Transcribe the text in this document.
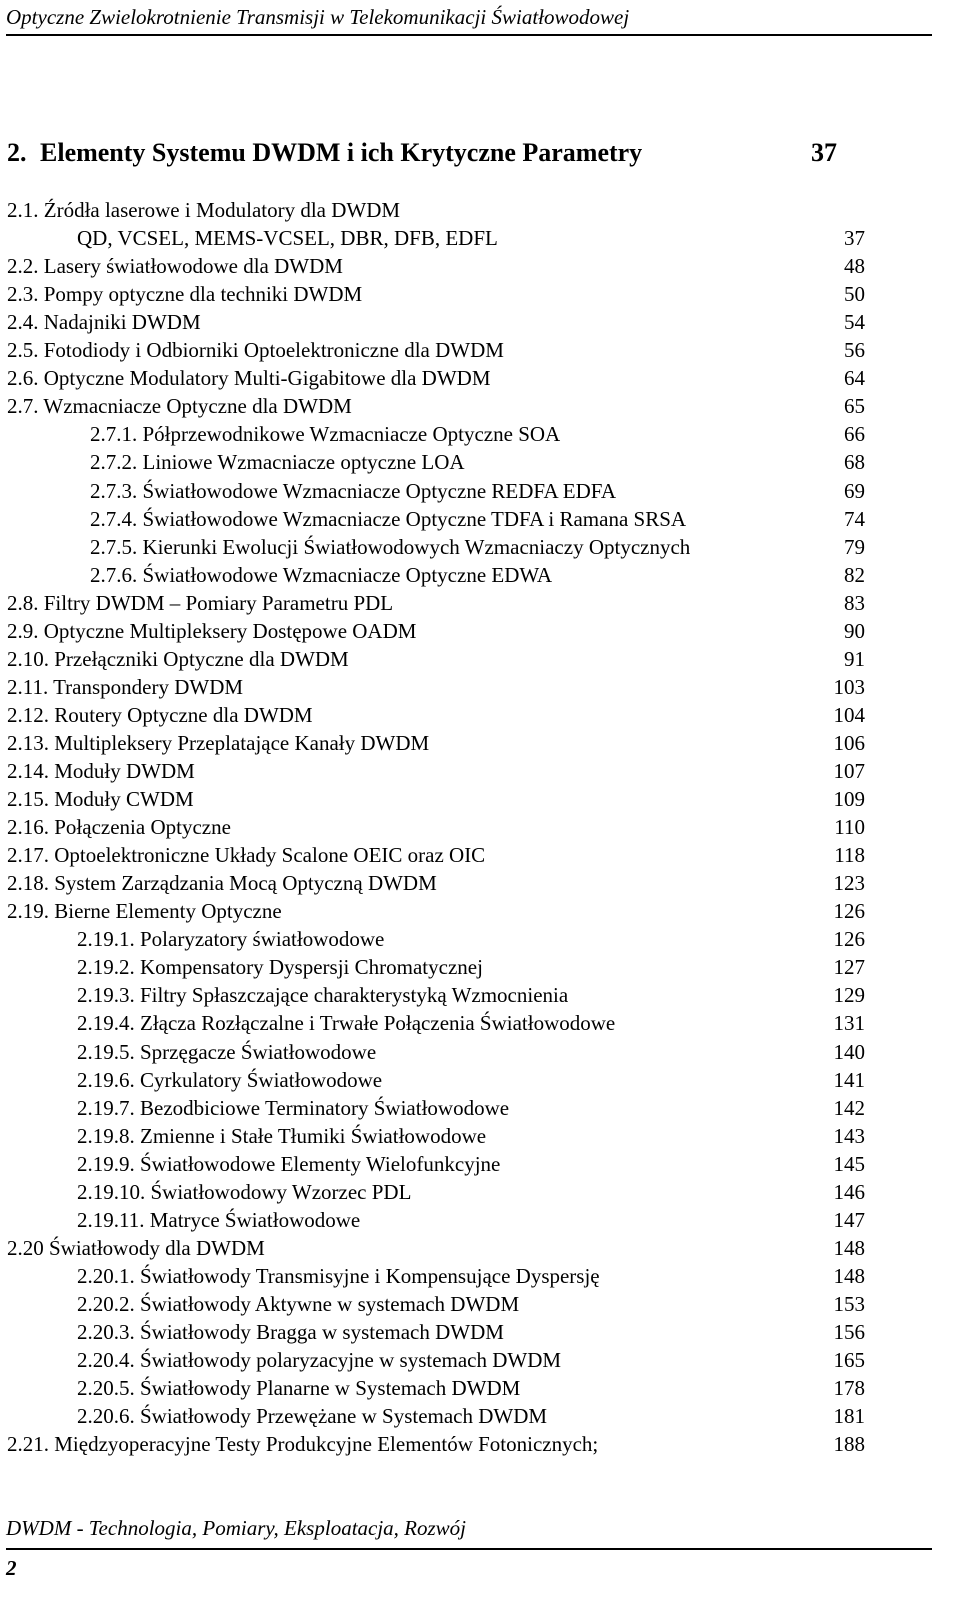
Optyczne Zwielokrotnienie Transmisji w Telekomunikacji Światłowodowej
2. Elementy Systemu DWDM i ich Krytyczne Parametry	37
2.1. Źródła laserowe i Modulatory dla DWDM
QD, VCSEL, MEMS-VCSEL, DBR, DFB, EDFL	37
2.2. Lasery światłowodowe dla DWDM	48
2.3. Pompy optyczne dla techniki DWDM	50
2.4. Nadajniki DWDM	54
2.5. Fotodiody i Odbiorniki Optoelektroniczne dla DWDM	56
2.6. Optyczne Modulatory Multi-Gigabitowe dla DWDM	64
2.7. Wzmacniacze Optyczne dla DWDM	65
2.7.1. Półprzewodnikowe Wzmacniacze Optyczne SOA	66
2.7.2. Liniowe Wzmacniacze optyczne LOA	68
2.7.3. Światłowodowe Wzmacniacze Optyczne REDFA EDFA	69
2.7.4. Światłowodowe Wzmacniacze Optyczne TDFA i Ramana SRSA	74
2.7.5. Kierunki Ewolucji Światłowodowych Wzmacniaczy Optycznych	79
2.7.6. Światłowodowe Wzmacniacze Optyczne EDWA	82
2.8. Filtry DWDM – Pomiary Parametru PDL	83
2.9. Optyczne Multipleksery Dostępowe OADM	90
2.10. Przełączniki Optyczne dla DWDM	91
2.11. Transpondery DWDM	103
2.12. Routery Optyczne dla DWDM	104
2.13. Multipleksery Przeplatające Kanały DWDM	106
2.14. Moduły DWDM	107
2.15. Moduły CWDM	109
2.16. Połączenia Optyczne	110
2.17. Optoelektroniczne Układy Scalone OEIC oraz OIC	118
2.18. System Zarządzania Mocą Optyczną DWDM	123
2.19. Bierne Elementy Optyczne	126
2.19.1. Polaryzatory światłowodowe	126
2.19.2. Kompensatory Dyspersji Chromatycznej	127
2.19.3. Filtry Spłaszczające charakterystyką Wzmocnienia	129
2.19.4. Złącza Rozłączalne i Trwałe Połączenia Światłowodowe	131
2.19.5. Sprzęgacze Światłowodowe	140
2.19.6. Cyrkulatory Światłowodowe	141
2.19.7. Bezodbiciowe Terminatory Światłowodowe	142
2.19.8. Zmienne i Stałe Tłumiki Światłowodowe	143
2.19.9. Światłowodowe Elementy Wielofunkcyjne	145
2.19.10. Światłowodowy Wzorzec PDL	146
2.19.11. Matryce Światłowodowe	147
2.20 Światłowody dla DWDM	148
2.20.1. Światłowody Transmisyjne i Kompensujące Dyspersję	148
2.20.2. Światłowody Aktywne w systemach DWDM	153
2.20.3. Światłowody Bragga w systemach DWDM	156
2.20.4. Światłowody polaryzacyjne w systemach DWDM	165
2.20.5. Światłowody Planarne w Systemach DWDM	178
2.20.6. Światłowody Przewężane w Systemach DWDM	181
2.21. Międzyoperacyjne Testy Produkcyjne Elementów Fotonicznych;	188
DWDM - Technologia, Pomiary, Eksploatacja, Rozwój
2
